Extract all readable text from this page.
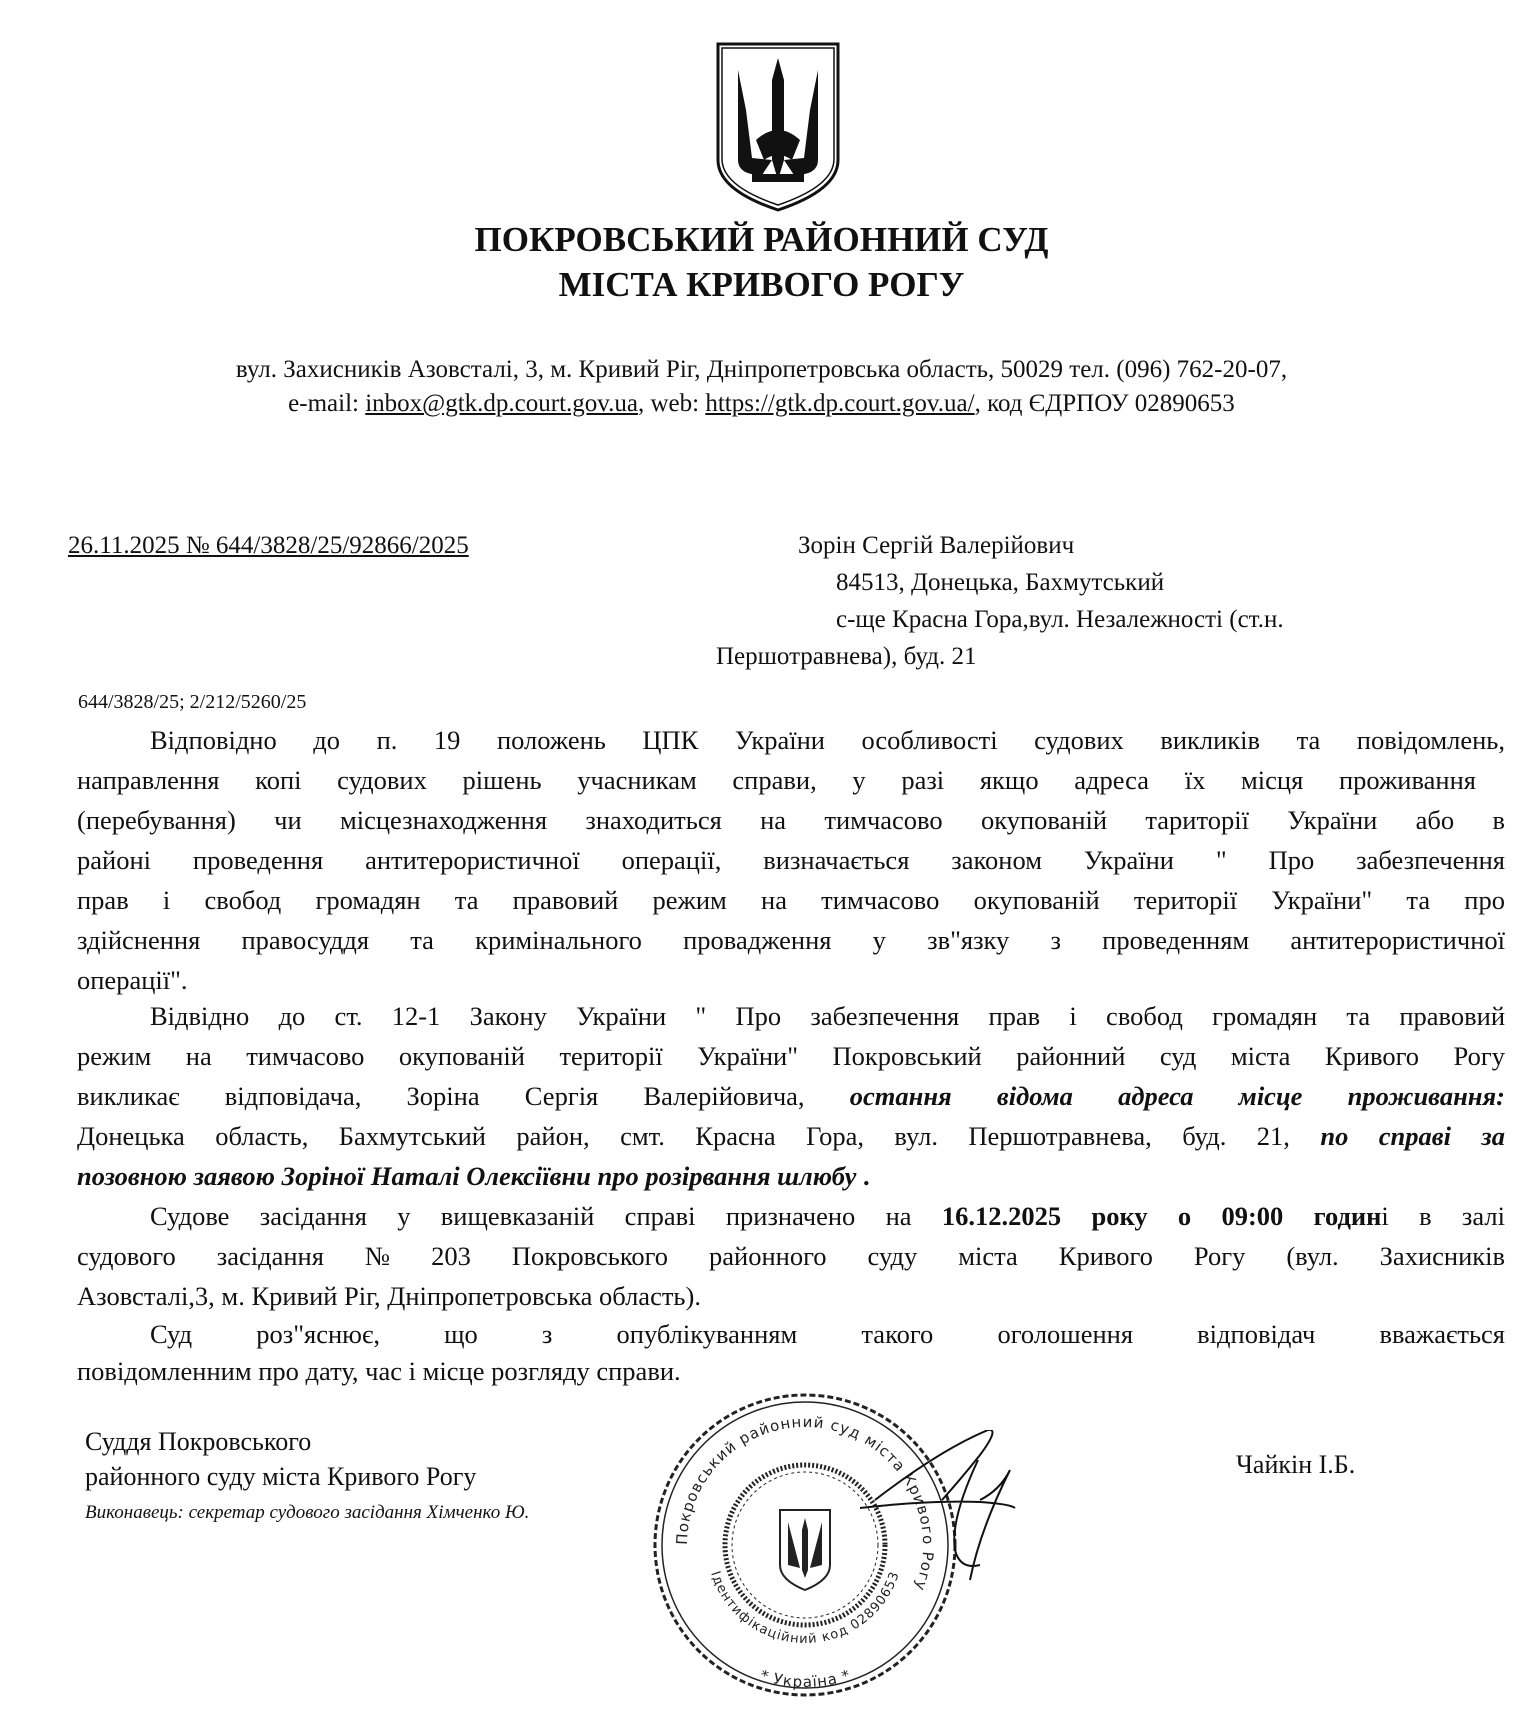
ПОКРОВСЬКИЙ РАЙОННИЙ СУД
МІСТА КРИВОГО РОГУ
вул. Захисників Азовсталі, 3, м. Кривий Ріг, Дніпропетровська область, 50029 тел. (096) 762-20-07,
e-mail: inbox@gtk.dp.court.gov.ua, web: https://gtk.dp.court.gov.ua/, код ЄДРПОУ 02890653
26.11.2025 № 644/3828/25/92866/2025	Зорін Сергій Валерійович
84513, Донецька, Бахмутський
с-ще Красна Гора,вул. Незалежності (ст.н.
Першотравнева), буд. 21
644/3828/25; 2/212/5260/25
Відповідно до п. 19 положень ЦПК України особливості судових викликів та повідомлень,
направлення копі судових рішень учасникам справи, у разі якщо адреса їх місця проживання
(перебування) чи місцезнаходження знаходиться на тимчасово окупованій тариторії України або в
районі проведення антитерористичної операції, визначається законом України " Про забезпечення
прав і свобод громадян та правовий режим на тимчасово окупованій території України" та про
здійснення правосуддя та кримінального провадження у зв"язку з проведенням антитерористичної
операції".
Відвідно до ст. 12-1 Закону України " Про забезпечення прав і свобод громадян та правовий
режим на тимчасово окупованій території України" Покровський районний суд міста Кривого Рогу
викликає відповідача, Зоріна Сергія Валерійовича, остання відома адреса місце проживання:
Донецька область, Бахмутський район, смт. Красна Гора, вул. Першотравнева, буд. 21, по справі за
позовною заявою Зоріної Наталі Олексіївни про розірвання шлюбу .
Судове засідання у вищевказаній справі призначено на 16.12.2025 року о 09:00 годині в залі
судового засідання № 203 Покровського районного суду міста Кривого Рогу (вул. Захисників
Азовсталі,3, м. Кривий Ріг, Дніпропетровська область).
Суд роз"яснює, що з опублікуванням такого оголошення відповідач вважається
повідомленним про дату, час і місце розгляду справи.
Суддя Покровського
районного суду міста Кривого Рогу
Виконавець: секретар судового засідання Хімченко Ю.
Чайкін І.Б.
Покровський районний суд міста Кривого Рогу
Ідентифікаційний код 02890653
* Україна *
